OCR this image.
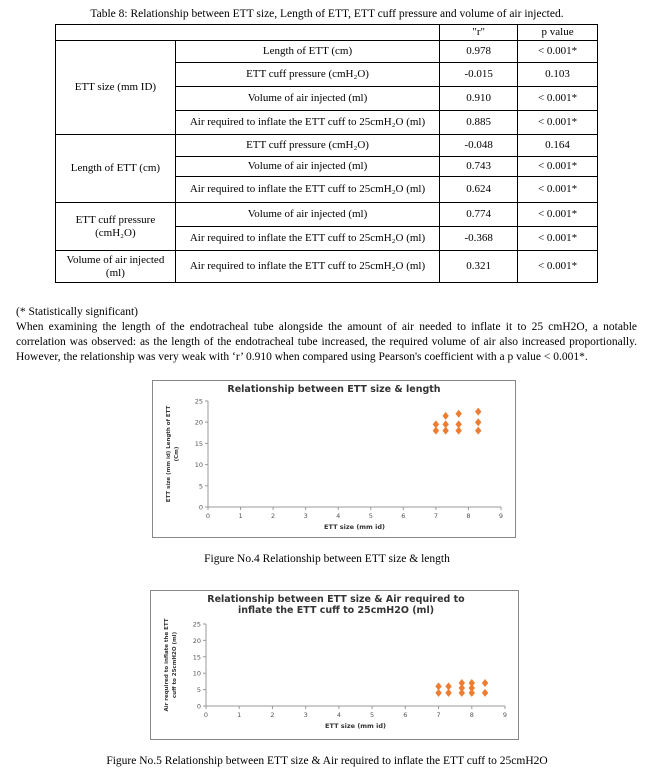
Table 8: Relationship between ETT size, Length of ETT, ETT cuff pressure and volume of air injected.
		"r"	p value

ETT size (mm ID)	Length of ETT (cm)	0.978	< 0.001*
	ETT cuff pressure (cmH₂O)	-0.015	0.103
	Volume of air injected (ml)	0.910	< 0.001*
	Air required to inflate the ETT cuff to 25cmH₂O (ml)	0.885	< 0.001*

Length of ETT (cm)	ETT cuff pressure (cmH₂O)	-0.048	0.164
	Volume of air injected (ml)	0.743	< 0.001*
	Air required to inflate the ETT cuff to 25cmH₂O (ml)	0.624	< 0.001*

ETT cuff pressure
(cmH₂O)	Volume of air injected (ml)	0.774	< 0.001*
	Air required to inflate the ETT cuff to 25cmH₂O (ml)	-0.368	< 0.001*

Volume of air injected
(ml)	Air required to inflate the ETT cuff to 25cmH₂O (ml)	0.321	< 0.001*
(* Statistically significant)
When examining the length of the endotracheal tube alongside the amount of air needed to inflate it to 25 cmH2O, a notable correlation was observed: as the length of the endotracheal tube increased, the required volume of air also increased proportionally. However, the relationship was very weak with ‘r’ 0.910 when compared using Pearson's coefficient with a p value < 0.001*.
Relationship between ETT size & length
0	1	2	3	4	5	6	7	8	9
0
5
10
15
20
25
ETT size (mm id)
ETT size (mm id) Length of ETT (Cm)
Figure No.4 Relationship between ETT size & length
Relationship between ETT size & Air required to
inflate the ETT cuff to 25cmH2O (ml)
0	1	2	3	4	5	6	7	8	9
0
5
10
15
20
25
ETT size (mm id)
Air required to inflate the ETT cuff to 25cmH2O (ml)
Figure No.5 Relationship between ETT size & Air required to inflate the ETT cuff to 25cmH2O
